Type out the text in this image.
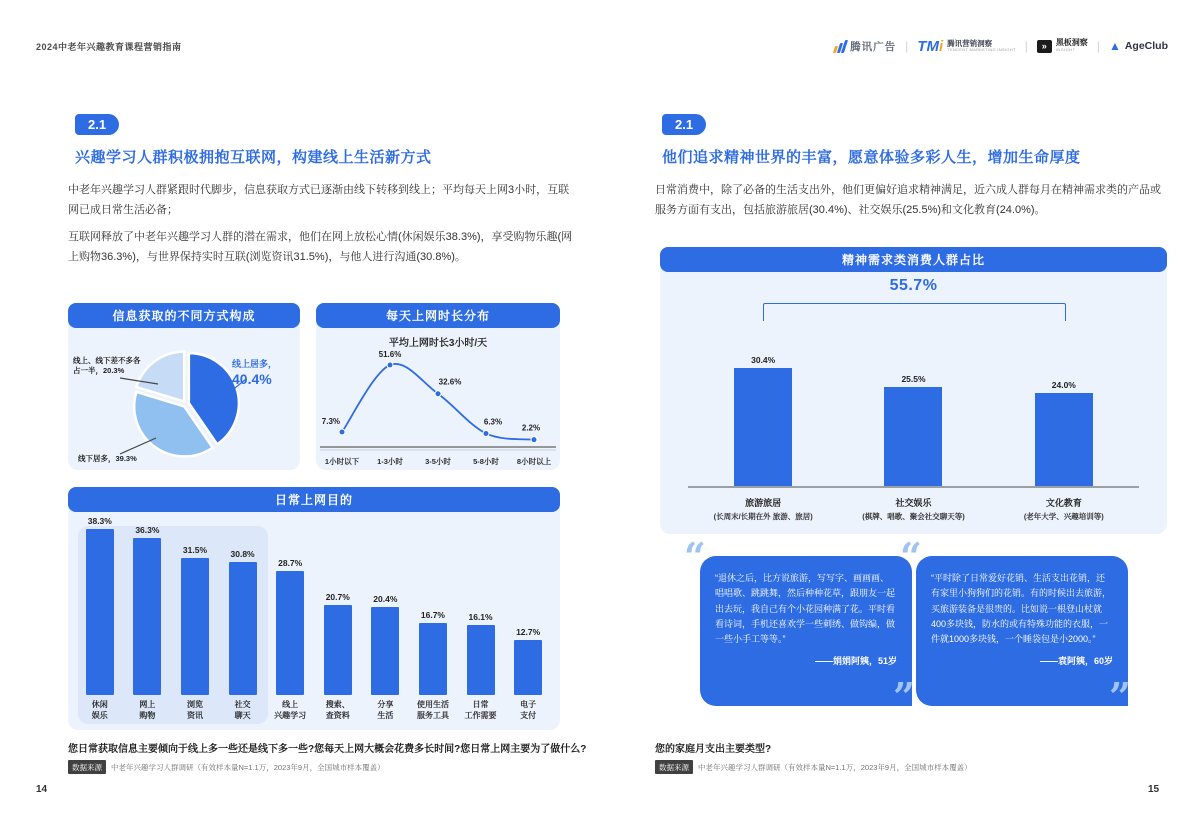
2024中老年兴趣教育课程营销指南	腾讯广告 | TMi 腾讯营销洞察
TENCENT MARKETING INSIGHT |	»	黑板洞察
INSIGHT	| ▲ AgeClub
2.1
兴趣学习人群积极拥抱互联网，构建线上生活新方式

中老年兴趣学习人群紧跟时代脚步，信息获取方式已逐渐由线下转移到线上；平均每天上网3小时，互联网已成日常生活必备；

互联网释放了中老年兴趣学习人群的潜在需求，他们在网上放松心情(休闲娱乐38.3%)，享受购物乐趣(网上购物36.3%)，与世界保持实时互联(浏览资讯31.5%)，与他人进行沟通(30.8%)。

信息获取的不同方式构成
线上居多，
40.4%
线上、线下差不多各
占一半，20.3%
线下居多，39.3%
每天上网时长分布
平均上网时长3小时/天
7.3%
51.6%
32.6%
6.3%
2.2%
1小时以下 1-3小时	3-5小时	5-8小时 8小时以上
日常上网目的
38.3%
休闲
娱乐
36.3%
网上
购物
31.5%
浏览
资讯
30.8%
社交
聊天
28.7%
线上
兴趣学习
20.7%
搜索、
查资料
20.4%
分享
生活
16.7%
使用生活
服务工具
16.1%
日常
工作需要
12.7%
电子
支付
您日常获取信息主要倾向于线上多一些还是线下多一些?您每天上网大概会花费多长时间?您日常上网主要为了做什么?
数据来源	中老年兴趣学习人群调研（有效样本量N=1.1万，2023年9月，全国城市样本覆盖）
14
2.1
他们追求精神世界的丰富，愿意体验多彩人生，增加生命厚度

日常消费中，除了必备的生活支出外，他们更偏好追求精神满足，近六成人群每月在精神需求类的产品或服务方面有支出，包括旅游旅居(30.4%)、社交娱乐(25.5%)和文化教育(24.0%)。

精神需求类消费人群占比
55.7%
30.4%
25.5%
24.0%
旅游旅居
(长周末/长期在外 旅游、旅居)
社交娱乐
(棋牌、唱歌、聚会社交聊天等)
文化教育
(老年大学、兴趣培训等)

“退休之后，比方说旅游，写写字、画画画、唱唱歌、跳跳舞，然后种种花草，跟朋友一起出去玩，我自己有个小花园种满了花。平时看看诗词，手机还喜欢学一些刺绣、做钩编，做一些小手工等等。”

——娟娟阿姨，51岁
“
”

“平时除了日常爱好花销、生活支出花销，还有家里小狗狗们的花销。有的时候出去旅游，买旅游装备是很贵的。比如说一根登山杖就400多块钱，防水的或有特殊功能的衣服，一件就1000多块钱，一个睡袋包是小2000。”

——袁阿姨，60岁
“
”
您的家庭月支出主要类型?
数据来源	中老年兴趣学习人群调研（有效样本量N=1.1万，2023年9月，全国城市样本覆盖）
15
